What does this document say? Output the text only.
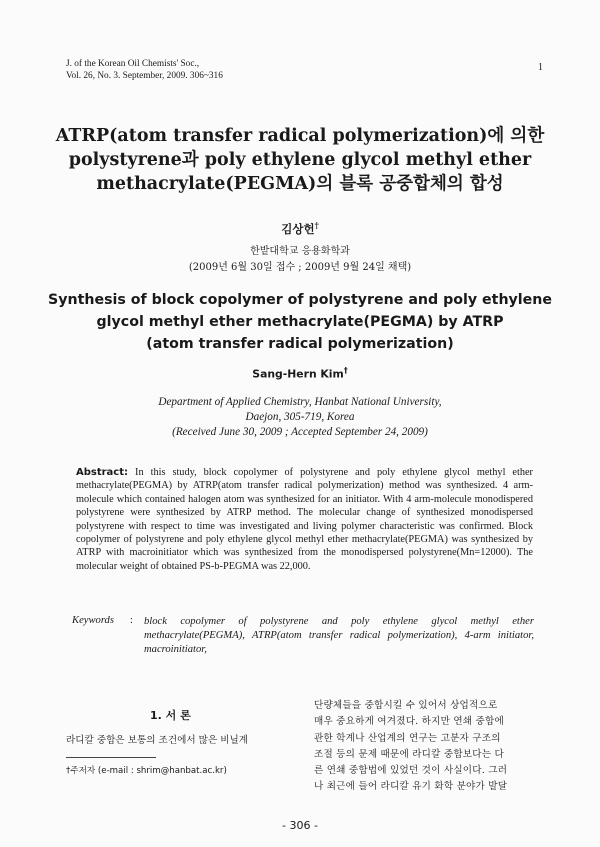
J. of the Korean Oil Chemists' Soc.,
Vol. 26, No. 3. September, 2009. 306~316
1
ATRP(atom transfer radical polymerization)에 의한
polystyrene과 poly ethylene glycol methyl ether
methacrylate(PEGMA)의 블록 공중합체의 합성
김상헌†
한밭대학교 응용화학과
(2009년 6월 30일 접수 ; 2009년 9월 24일 채택)
Synthesis of block copolymer of polystyrene and poly ethylene
glycol methyl ether methacrylate(PEGMA) by ATRP
(atom transfer radical polymerization)
Sang-Hern Kim†
Department of Applied Chemistry, Hanbat National University,
Daejon, 305-719, Korea
(Received June 30, 2009 ; Accepted September 24, 2009)
Abstract: In this study, block copolymer of polystyrene and poly ethylene glycol methyl ether methacrylate(PEGMA) by ATRP(atom transfer radical polymerization) method was synthesized. 4 arm-molecule which contained halogen atom was synthesized for an initiator. With 4 arm-molecule monodispered polystyrene were synthesized by ATRP method. The molecular change of synthesized monodispersed polystyrene with respect to time was investigated and living polymer characteristic was confirmed. Block copolymer of polystyrene and poly ethylene glycol methyl ether methacrylate(PEGMA) was synthesized by ATRP with macroinitiator which was synthesized from the monodispersed polystyrene(Mn=12000). The molecular weight of obtained PS-b-PEGMA was 22,000.
Keywords : block copolymer of polystyrene and poly ethylene glycol methyl ether methacrylate(PEGMA), ATRP(atom transfer radical polymerization), 4-arm initiator, macroinitiator,
1. 서 론
라디칼 중합은 보통의 조건에서 많은 비닐계
†주저자 (e-mail : shrim@hanbat.ac.kr)
단량체들을 중합시킬 수 있어서 상업적으로
매우 중요하게 여겨졌다. 하지만 연쇄 중합에
관한 학계나 산업계의 연구는 고분자 구조의
조절 등의 문제 때문에 라디칼 중합보다는 다
른 연쇄 중합법에 있었던 것이 사실이다. 그러
나 최근에 들어 라디칼 유기 화학 분야가 발달
- 306 -
